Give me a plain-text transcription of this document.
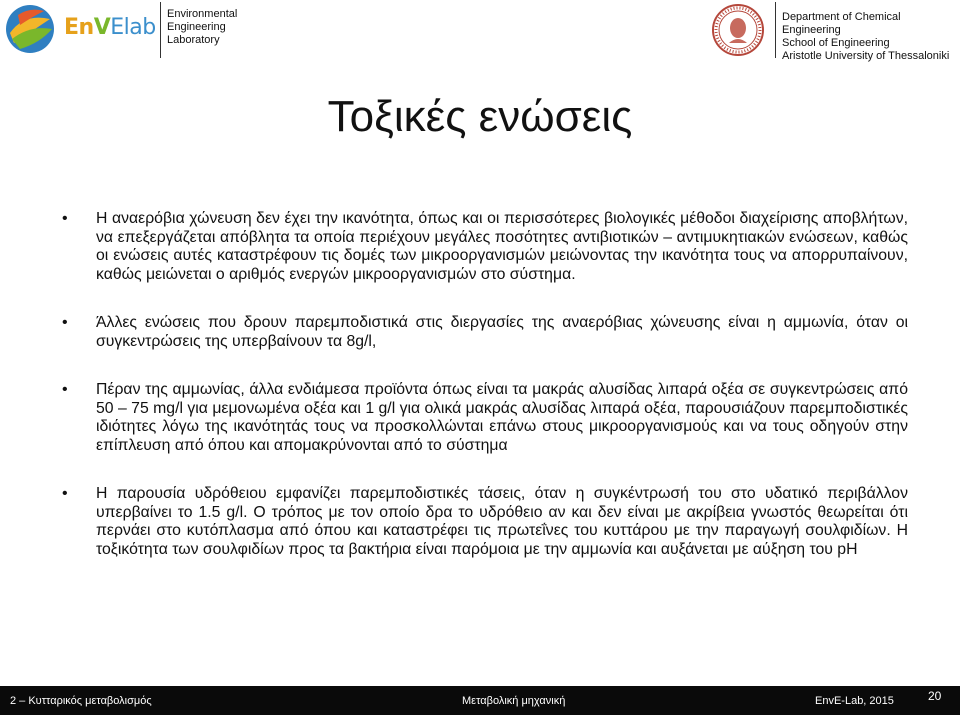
EnVElab
Environmental
Engineering
Laboratory
Department of Chemical Engineering
School of Engineering
Aristotle University of Thessaloniki
Τοξικές ενώσεις
• Η αναερόβια χώνευση δεν έχει την ικανότητα, όπως και οι περισσότερες βιολογικές μέθοδοι διαχείρισης αποβλήτων, να επεξεργάζεται απόβλητα τα οποία περιέχουν μεγάλες ποσότητες αντιβιοτικών – αντιμυκητιακών ενώσεων, καθώς οι ενώσεις αυτές καταστρέφουν τις δομές των μικροοργανισμών μειώνοντας την ικανότητα τους να απορρυπαίνουν, καθώς μειώνεται ο αριθμός ενεργών μικροοργανισμών στο σύστημα.
• Άλλες ενώσεις που δρουν παρεμποδιστικά στις διεργασίες της αναερόβιας χώνευσης είναι η αμμωνία, όταν οι συγκεντρώσεις της υπερβαίνουν τα 8g/l,
• Πέραν της αμμωνίας, άλλα ενδιάμεσα προϊόντα όπως είναι τα μακράς αλυσίδας λιπαρά οξέα σε συγκεντρώσεις από 50 – 75 mg/l για μεμονωμένα οξέα και 1 g/l για ολικά μακράς αλυσίδας λιπαρά οξέα, παρουσιάζουν παρεμποδιστικές ιδιότητες λόγω της ικανότητάς τους να προσκολλώνται επάνω στους μικροοργανισμούς και να τους οδηγούν στην επίπλευση από όπου και απομακρύνονται από το σύστημα
• Η παρουσία υδρόθειου εμφανίζει παρεμποδιστικές τάσεις, όταν η συγκέντρωσή του στο υδατικό περιβάλλον υπερβαίνει το 1.5 g/l. Ο τρόπος με τον οποίο δρα το υδρόθειο αν και δεν είναι με ακρίβεια γνωστός θεωρείται ότι περνάει στο κυτόπλασμα από όπου και καταστρέφει τις πρωτεΐνες του κυττάρου με την παραγωγή σουλφιδίων. Η τοξικότητα των σουλφιδίων προς τα βακτήρια είναι παρόμοια με την αμμωνία και αυξάνεται με αύξηση του pH
2 – Κυτταρικός μεταβολισμός	Μεταβολική μηχανική	EnvE-Lab, 2015	20
